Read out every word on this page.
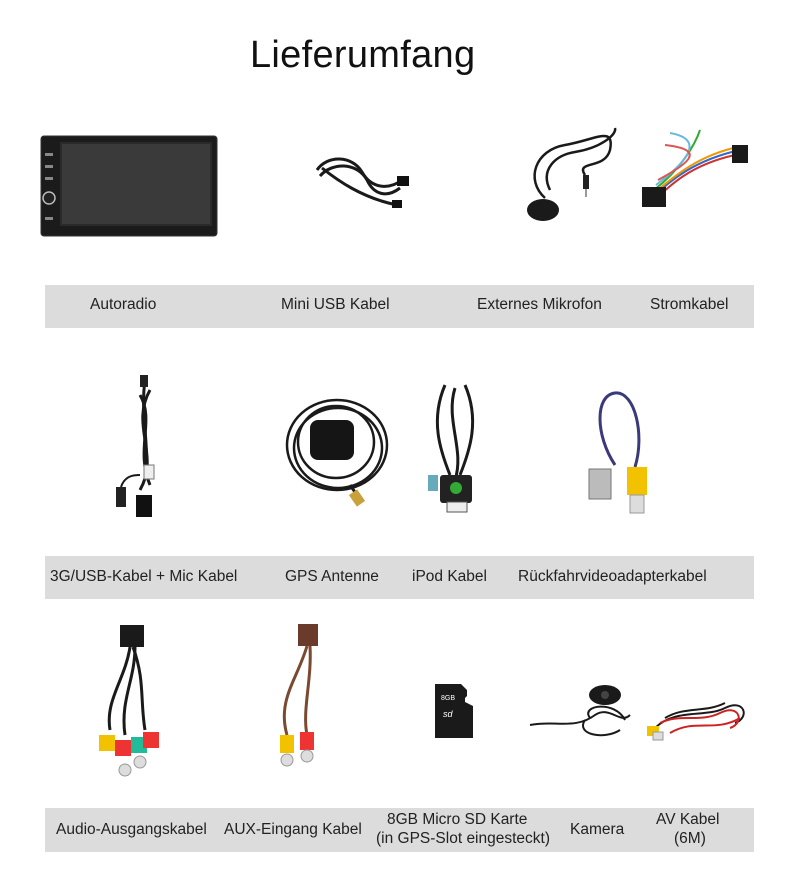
Lieferumfang
Autoradio	Mini USB Kabel	Externes Mikrofon	Stromkabel
3G/USB-Kabel + Mic Kabel	GPS Antenne iPod Kabel Rückfahrvideoadapterkabel
8GB
sd
Audio-Ausgangskabel AUX-Eingang Kabel
8GB Micro SD Karte
(in GPS-Slot eingesteckt)
Kamera
AV Kabel
(6M)
